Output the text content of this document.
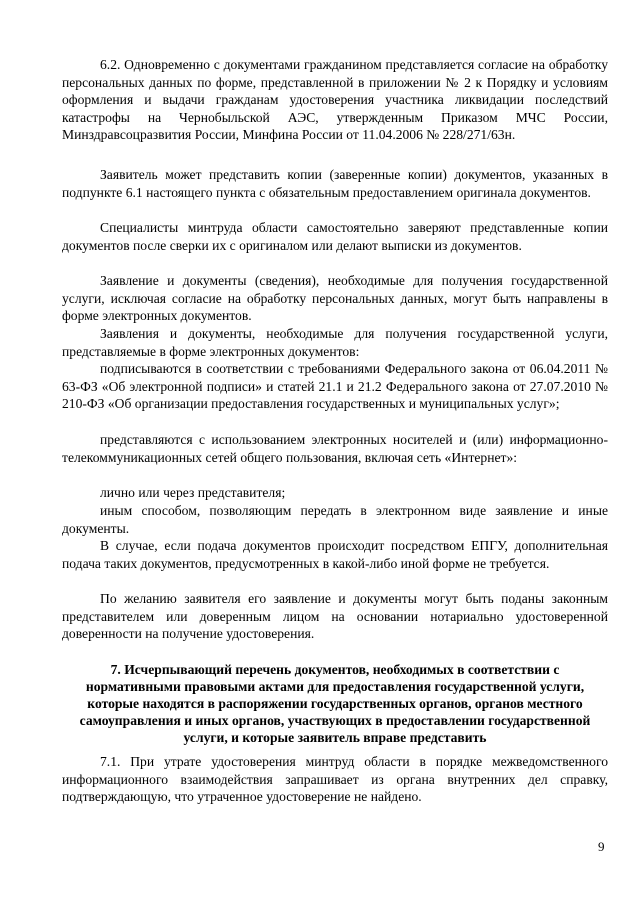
6.2. Одновременно с документами гражданином представляется согласие на обработку персональных данных по форме, представленной в приложении № 2 к Порядку и условиям оформления и выдачи гражданам удостоверения участника ликвидации последствий катастрофы на Чернобыльской АЭС, утвержденным Приказом МЧС России, Минздравсоцразвития России, Минфина России от 11.04.2006 № 228/271/63н.

Заявитель может представить копии (заверенные копии) документов, указанных в подпункте 6.1 настоящего пункта с обязательным предоставлением оригинала документов.

Специалисты минтруда области самостоятельно заверяют представленные копии документов после сверки их с оригиналом или делают выписки из документов.

Заявление и документы (сведения), необходимые для получения государственной услуги, исключая согласие на обработку персональных данных, могут быть направлены в форме электронных документов.

Заявления и документы, необходимые для получения государственной услуги, представляемые в форме электронных документов:

подписываются в соответствии с требованиями Федерального закона от 06.04.2011 № 63-ФЗ «Об электронной подписи» и статей 21.1 и 21.2 Федерального закона от 27.07.2010 № 210-ФЗ «Об организации предоставления государственных и муниципальных услуг»;

представляются с использованием электронных носителей и (или) информационно-телекоммуникационных сетей общего пользования, включая сеть «Интернет»:

лично или через представителя;

иным способом, позволяющим передать в электронном виде заявление и иные документы.

В случае, если подача документов происходит посредством ЕПГУ, дополнительная подача таких документов, предусмотренных в какой-либо иной форме не требуется.

По желанию заявителя его заявление и документы могут быть поданы законным представителем или доверенным лицом на основании нотариально удостоверенной доверенности на получение удостоверения.

7. Исчерпывающий перечень документов, необходимых в соответствии с нормативными правовыми актами для предоставления государственной услуги, которые находятся в распоряжении государственных органов, органов местного самоуправления и иных органов, участвующих в предоставлении государственной услуги, и которые заявитель вправе представить

7.1. При утрате удостоверения минтруд области в порядке межведомственного информационного взаимодействия запрашивает из органа внутренних дел справку, подтверждающую, что утраченное удостоверение не найдено.

9
